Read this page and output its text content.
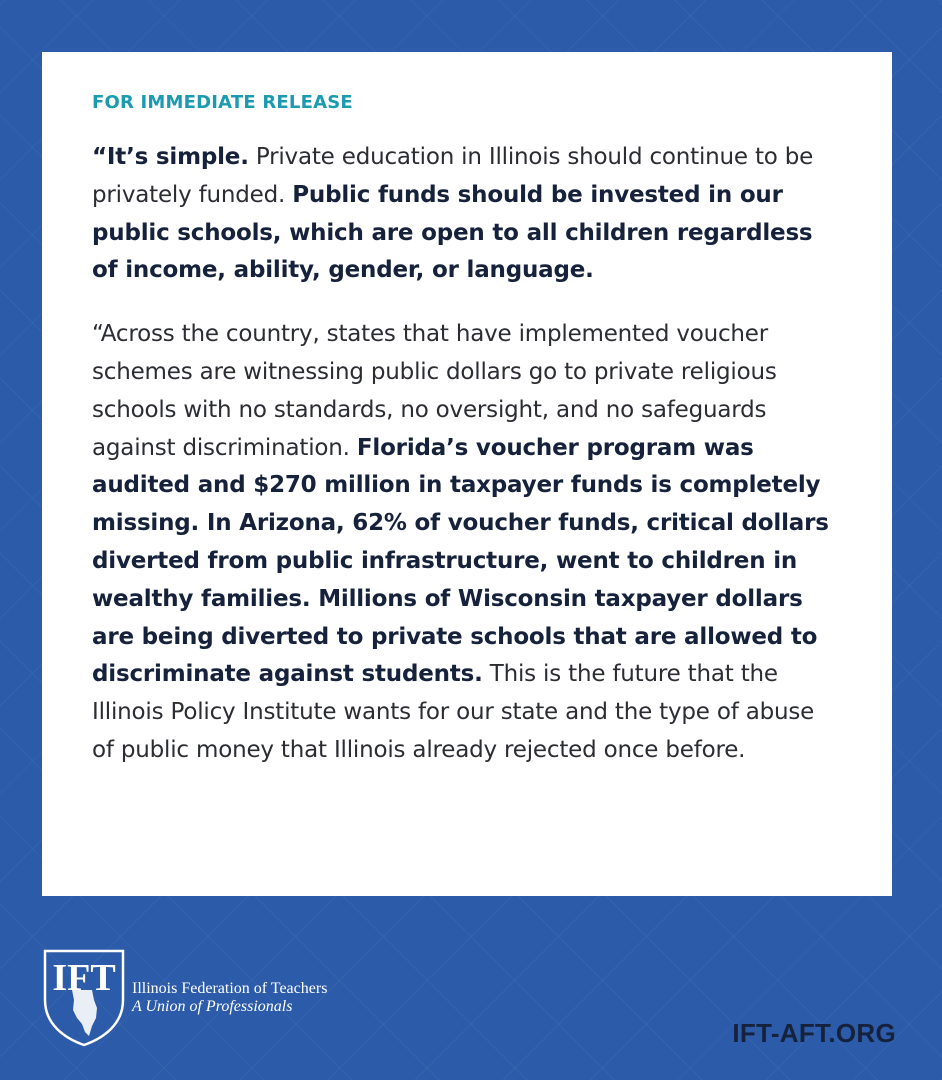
FOR IMMEDIATE RELEASE

“It’s simple. Private education in Illinois should continue to be privately funded. Public funds should be invested in our public schools, which are open to all children regardless of income, ability, gender, or language.

“Across the country, states that have implemented voucher schemes are witnessing public dollars go to private religious schools with no standards, no oversight, and no safeguards against discrimination. Florida’s voucher program was audited and $270 million in taxpayer funds is completely missing. In Arizona, 62% of voucher funds, critical dollars diverted from public infrastructure, went to children in wealthy families. Millions of Wisconsin taxpayer dollars are being diverted to private schools that are allowed to discriminate against students. This is the future that the Illinois Policy Institute wants for our state and the type of abuse of public money that Illinois already rejected once before.

IFT Illinois Federation of Teachers
A Union of Professionals
IFT-AFT.ORG
